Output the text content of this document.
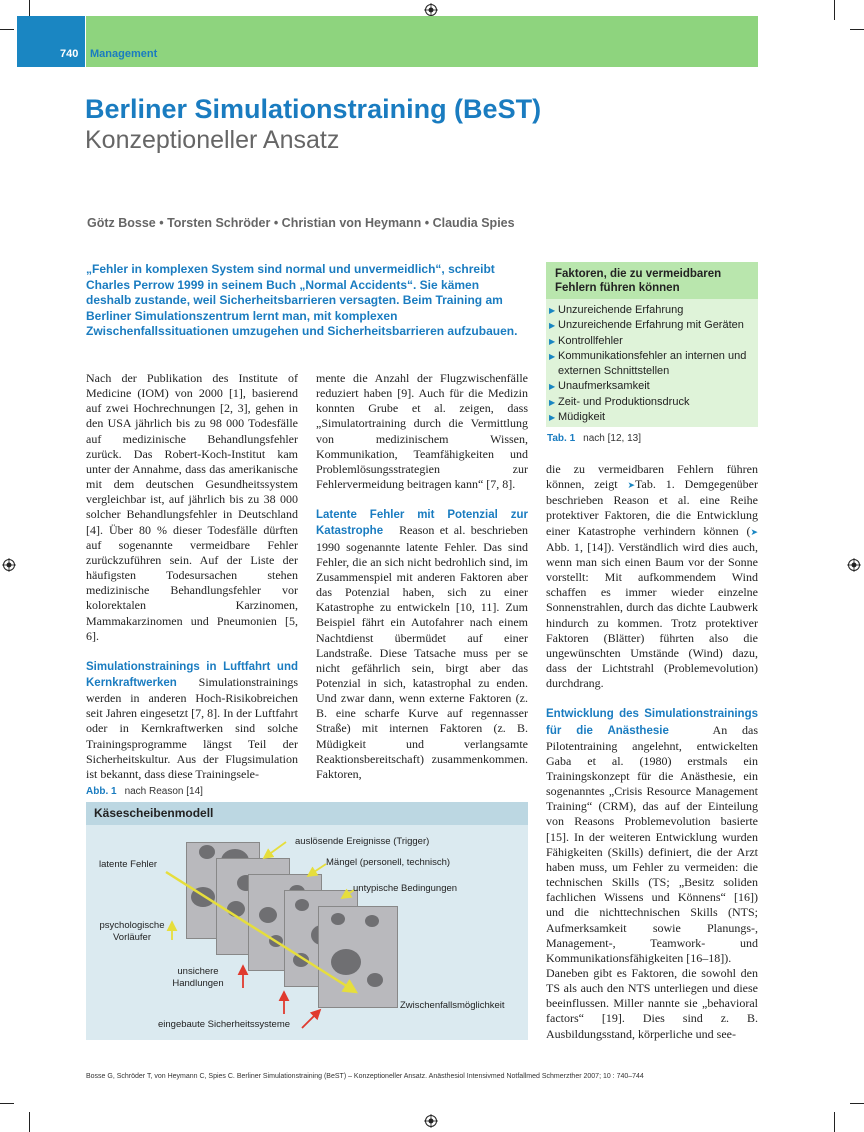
740 Management
Berliner Simulationstraining (BeST)
Konzeptioneller Ansatz
Götz Bosse • Torsten Schröder • Christian von Heymann • Claudia Spies
„Fehler in komplexen System sind normal und unvermeidlich“, schreibt Charles Perrow 1999 in seinem Buch „Normal Accidents“. Sie kämen deshalb zustande, weil Sicherheitsbarrieren versagten. Beim Training am Berliner Simulationszentrum lernt man, mit komplexen Zwischenfallssituationen umzugehen und Sicherheitsbarrieren aufzubauen.

Nach der Publikation des Institute of Medicine (IOM) von 2000 [1], basierend auf zwei Hochrechnungen [2, 3], gehen in den USA jährlich bis zu 98 000 Todesfälle auf medizinische Behandlungsfehler zurück. Das Robert-Koch-Institut kam unter der Annahme, dass das amerikanische mit dem deutschen Gesundheitssystem vergleichbar ist, auf jährlich bis zu 38 000 solcher Behandlungsfehler in Deutschland [4]. Über 80 % dieser Todesfälle dürften auf sogenannte vermeidbare Fehler zurückzuführen sein. Auf der Liste der häufigsten Todesursachen stehen medizinische Behandlungsfehler vor kolorektalen Karzinomen, Mammakarzinomen und Pneumonien [5, 6].

Simulationstrainings in Luftfahrt und Kernkraftwerken Simulationstrainings werden in anderen Hoch-Risikobreichen seit Jahren eingesetzt [7, 8]. In der Luftfahrt oder in Kernkraftwerken sind solche Trainingsprogramme längst Teil der Sicherheitskultur. Aus der Flugsimulation ist bekannt, dass diese Trainingsele-

mente die Anzahl der Flugzwischenfälle reduziert haben [9]. Auch für die Medizin konnten Grube et al. zeigen, dass „Simulatortraining durch die Vermittlung von medizinischem Wissen, Kommunikation, Teamfähigkeiten und Problemlösungsstrategien zur Fehlervermeidung beitragen kann“ [7, 8].

Latente Fehler mit Potenzial zur Katastrophe Reason et al. beschrieben 1990 sogenannte latente Fehler. Das sind Fehler, die an sich nicht bedrohlich sind, im Zusammenspiel mit anderen Faktoren aber das Potenzial haben, sich zu einer Katastrophe zu entwickeln [10, 11]. Zum Beispiel fährt ein Autofahrer nach einem Nachtdienst übermüdet auf einer Landstraße. Diese Tatsache muss per se nicht gefährlich sein, birgt aber das Potenzial in sich, katastrophal zu enden. Und zwar dann, wenn externe Faktoren (z. B. eine scharfe Kurve auf regennasser Straße) mit internen Faktoren (z. B. Müdigkeit und verlangsamte Reaktionsbereitschaft) zusammenkommen. Faktoren,

Faktoren, die zu vermeidbaren Fehlern führen können
▶ Unzureichende Erfahrung
▶ Unzureichende Erfahrung mit Geräten
▶ Kontrollfehler
▶ Kommunikationsfehler an internen und externen Schnittstellen
▶ Unaufmerksamkeit
▶ Zeit- und Produktionsdruck
▶ Müdigkeit
Tab. 1 nach [12, 13]

die zu vermeidbaren Fehlern führen können, zeigt ➤Tab. 1. Demgegenüber beschrieben Reason et al. eine Reihe protektiver Faktoren, die die Entwicklung einer Katastrophe verhindern können (➤ Abb. 1, [14]). Verständlich wird dies auch, wenn man sich einen Baum vor der Sonne vorstellt: Mit aufkommendem Wind schaffen es immer wieder einzelne Sonnenstrahlen, durch das dichte Laubwerk hindurch zu kommen. Trotz protektiver Faktoren (Blätter) führten also die ungewünschten Umstände (Wind) dazu, dass der Lichtstrahl (Problemevolution) durchdrang.

Entwicklung des Simulationstrainings für die Anästhesie	An das Pilotentraining angelehnt, entwickelten Gaba et al. (1980) erstmals ein Trainingskonzept für die Anästhesie, ein sogenanntes „Crisis Resource Management Training“ (CRM), das auf der Einteilung von Reasons Problemevolution basierte [15]. In der weiteren Entwicklung wurden Fähigkeiten (Skills) definiert, die der Arzt haben muss, um Fehler zu vermeiden: die technischen Skills (TS; „Besitz soliden fachlichen Wissens und Könnens“ [16]) und die nichttechnischen Skills (NTS; Aufmerksamkeit sowie Planungs-, Management-, Teamwork- und Kommunikationsfähigkeiten [16–18]).

Daneben gibt es Faktoren, die sowohl den TS als auch den NTS unterliegen und diese beeinflussen. Miller nannte sie „behavioral factors“ [19]. Dies sind z. B. Ausbildungsstand, körperliche und see-

Abb. 1 nach Reason [14]
Käsescheibenmodell
latente Fehler
auslösende Ereignisse (Trigger)
Mängel (personell, technisch)
untypische Bedingungen
psychologische Vorläufer
unsichere Handlungen
Zwischenfallsmöglichkeit
eingebaute Sicherheitssysteme
Bosse G, Schröder T, von Heymann C, Spies C. Berliner Simulationstraining (BeST) – Konzeptioneller Ansatz. Anästhesiol Intensivmed Notfallmed Schmerzther 2007; 10 : 740–744
